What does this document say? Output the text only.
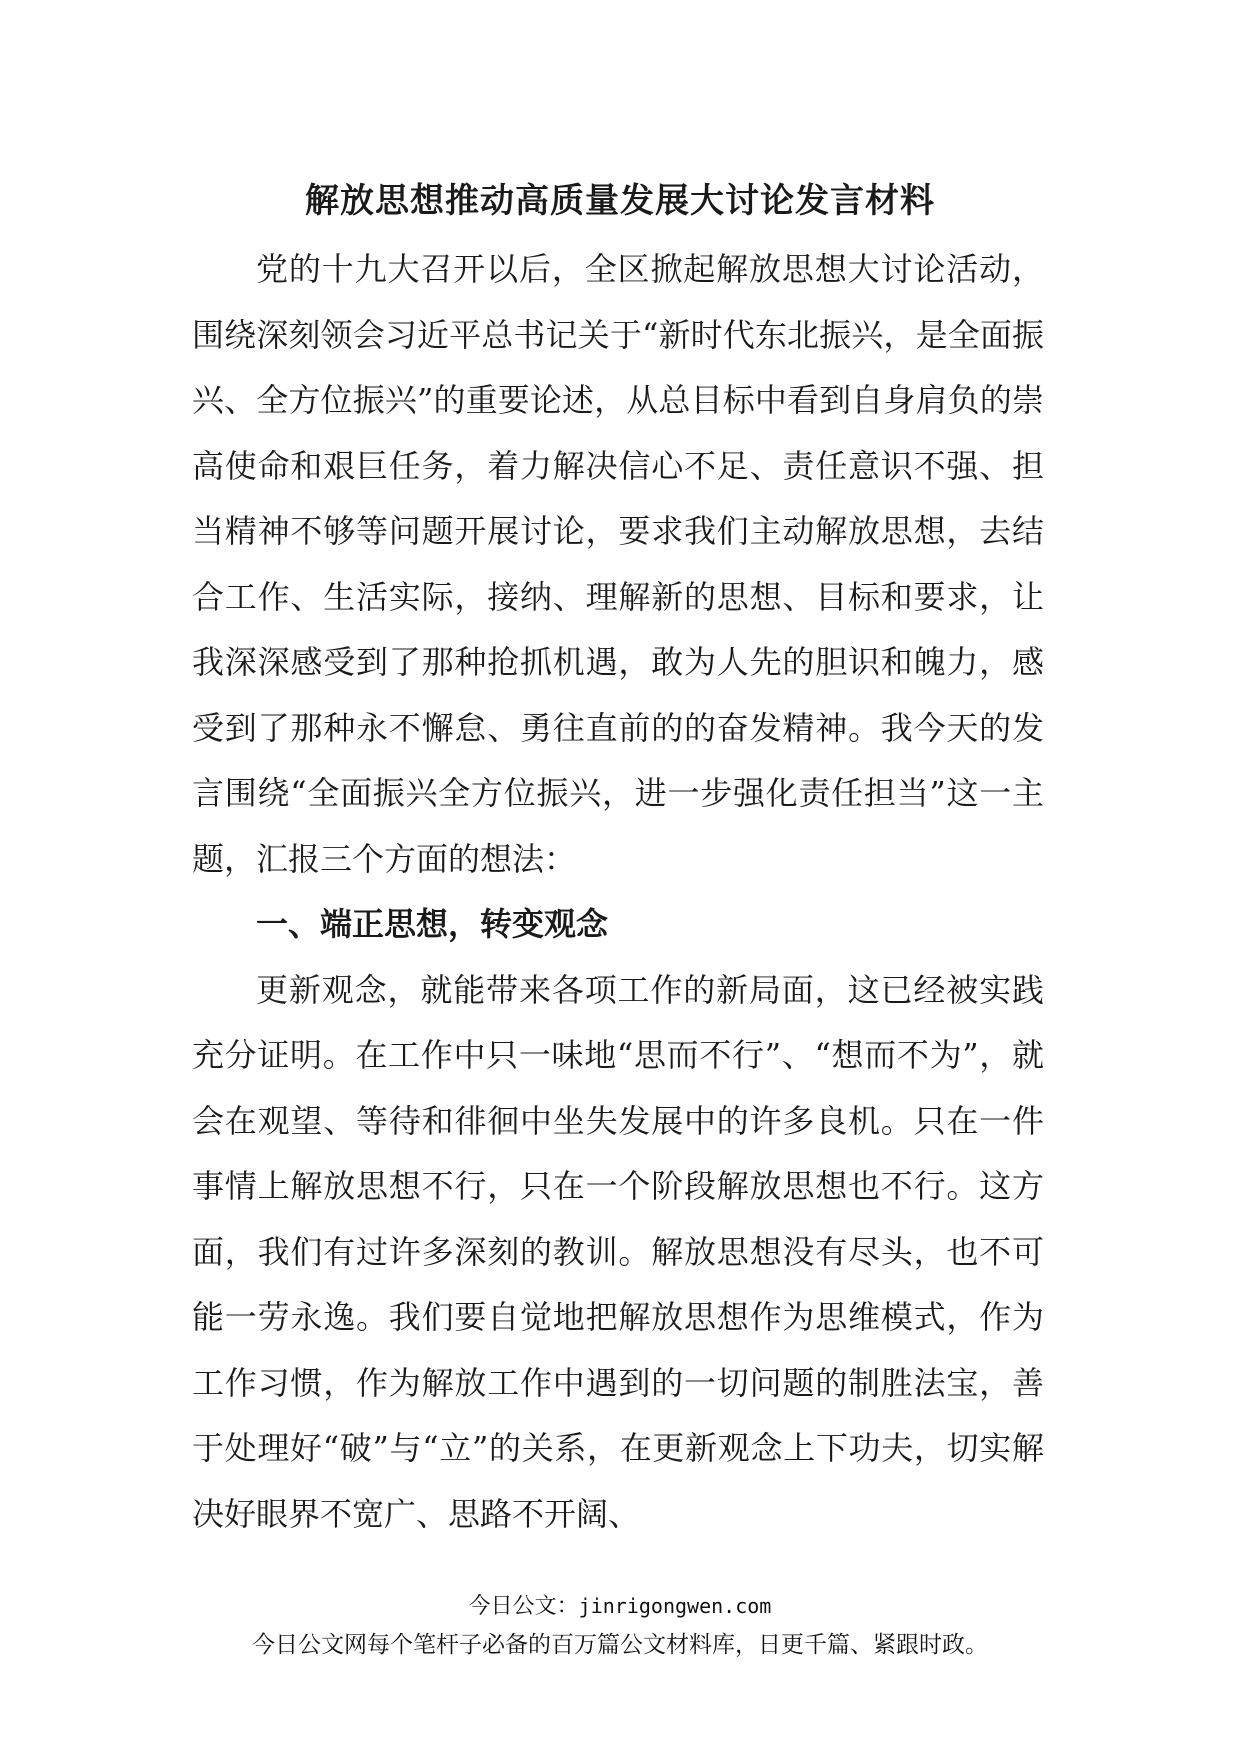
解放思想推动高质量发展大讨论发言材料

党的十九大召开以后，全区掀起解放思想大讨论活动，围绕深刻领会习近平总书记关于“新时代东北振兴，是全面振兴、全方位振兴”的重要论述，从总目标中看到自身肩负的崇高使命和艰巨任务，着力解决信心不足、责任意识不强、担当精神不够等问题开展讨论，要求我们主动解放思想，去结合工作、生活实际，接纳、理解新的思想、目标和要求，让我深深感受到了那种抢抓机遇，敢为人先的胆识和魄力，感受到了那种永不懈怠、勇往直前的的奋发精神。我今天的发言围绕“全面振兴全方位振兴，进一步强化责任担当”这一主题，汇报三个方面的想法：

一、端正思想，转变观念

更新观念，就能带来各项工作的新局面，这已经被实践充分证明。在工作中只一味地“思而不行”、“想而不为”，就会在观望、等待和徘徊中坐失发展中的许多良机。只在一件事情上解放思想不行，只在一个阶段解放思想也不行。这方面，我们有过许多深刻的教训。解放思想没有尽头，也不可能一劳永逸。我们要自觉地把解放思想作为思维模式，作为工作习惯，作为解放工作中遇到的一切问题的制胜法宝，善于处理好“破”与“立”的关系，在更新观念上下功夫，切实解决好眼界不宽广、思路不开阔、

今日公文：jinrigongwen.com
今日公文网每个笔杆子必备的百万篇公文材料库，日更千篇、紧跟时政。
